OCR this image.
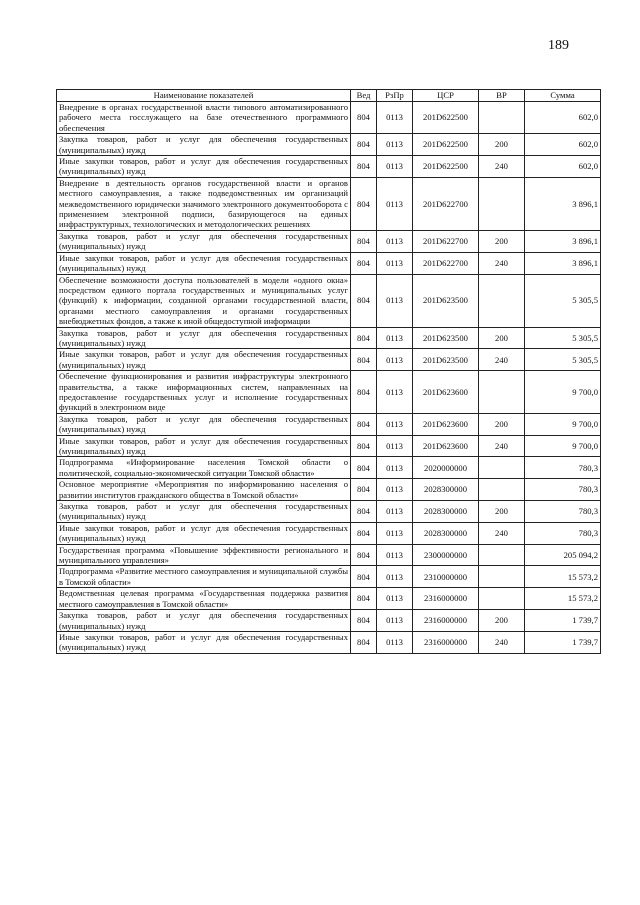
189
Наименование показателей	Вед	РзПр	ЦСР	ВР	Сумма
Внедрение в органах государственной власти типового автоматизированного рабочего места госслужащего на базе отечественного программного обеспечения	804	0113	201D622500		602,0
Закупка товаров, работ и услуг для обеспечения государственных (муниципальных) нужд	804	0113	201D622500	200	602,0
Иные закупки товаров, работ и услуг для обеспечения государственных (муниципальных) нужд	804	0113	201D622500	240	602,0
Внедрение в деятельность органов государственной власти и органов местного самоуправления, а также подведомственных им организаций межведомственного юридически значимого электронного документооборота с применением электронной подписи, базирующегося на единых инфраструктурных, технологических и методологических решениях	804	0113	201D622700		3 896,1
Закупка товаров, работ и услуг для обеспечения государственных (муниципальных) нужд	804	0113	201D622700	200	3 896,1
Иные закупки товаров, работ и услуг для обеспечения государственных (муниципальных) нужд	804	0113	201D622700	240	3 896,1
Обеспечение возможности доступа пользователей в модели «одного окна» посредством единого портала государственных и муниципальных услуг (функций) к информации, созданной органами государственной власти, органами местного самоуправления и органами государственных внебюджетных фондов, а также к иной общедоступной информации	804	0113	201D623500		5 305,5
Закупка товаров, работ и услуг для обеспечения государственных (муниципальных) нужд	804	0113	201D623500	200	5 305,5
Иные закупки товаров, работ и услуг для обеспечения государственных (муниципальных) нужд	804	0113	201D623500	240	5 305,5
Обеспечение функционирования и развития инфраструктуры электронного правительства, а также информационных систем, направленных на предоставление государственных услуг и исполнение государственных функций в электронном виде	804	0113	201D623600		9 700,0
Закупка товаров, работ и услуг для обеспечения государственных (муниципальных) нужд	804	0113	201D623600	200	9 700,0
Иные закупки товаров, работ и услуг для обеспечения государственных (муниципальных) нужд	804	0113	201D623600	240	9 700,0
Подпрограмма «Информирование населения Томской области о политической, социально-экономической ситуации Томской области»	804	0113	2020000000		780,3
Основное мероприятие «Мероприятия по информированию населения о развитии институтов гражданского общества в Томской области»	804	0113	2028300000		780,3
Закупка товаров, работ и услуг для обеспечения государственных (муниципальных) нужд	804	0113	2028300000	200	780,3
Иные закупки товаров, работ и услуг для обеспечения государственных (муниципальных) нужд	804	0113	2028300000	240	780,3
Государственная программа «Повышение эффективности регионального и муниципального управления»	804	0113	2300000000		205 094,2
Подпрограмма «Развитие местного самоуправления и муниципальной службы в Томской области»	804	0113	2310000000		15 573,2
Ведомственная целевая программа «Государственная поддержка развития местного самоуправления в Томской области»	804	0113	2316000000		15 573,2
Закупка товаров, работ и услуг для обеспечения государственных (муниципальных) нужд	804	0113	2316000000	200	1 739,7
Иные закупки товаров, работ и услуг для обеспечения государственных (муниципальных) нужд	804	0113	2316000000	240	1 739,7
